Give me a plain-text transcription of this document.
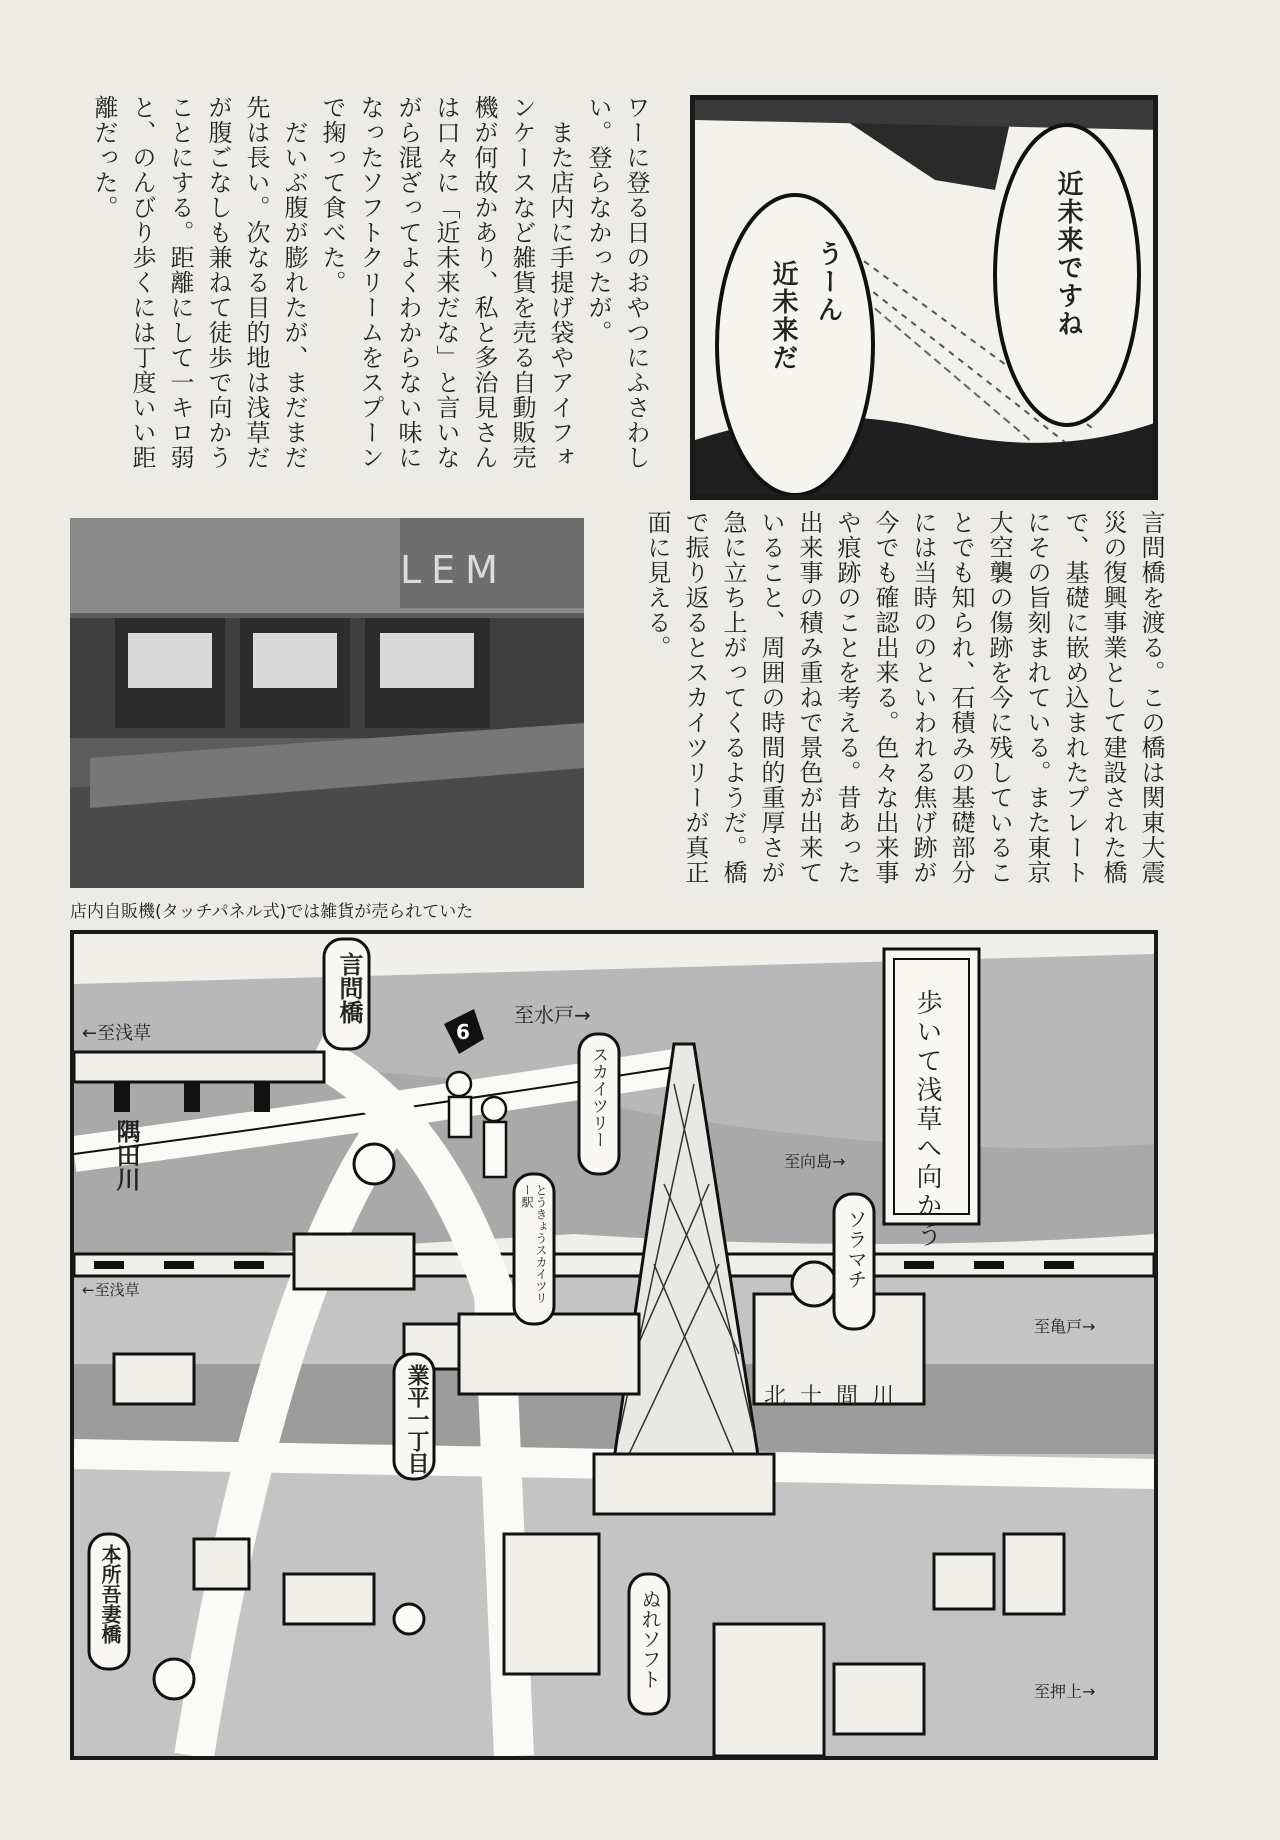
言問橋を渡る。この橋は関東大震災の復興事業として建設された橋で、基礎に嵌め込まれたプレートにその旨刻まれている。また東京大空襲の傷跡を今に残していることでも知られ、石積みの基礎部分には当時ののといわれる焦げ跡が今でも確認出来る。色々な出来事や痕跡のことを考える。昔あった出来事の積み重ねで景色が出来ていること、周囲の時間的重厚さが急に立ち上がってくるようだ。橋で振り返るとスカイツリーが真正面に見える。
ワーに登る日のおやつにふさわしい。登らなかったが。
　また店内に手提げ袋やアイフォンケースなど雑貨を売る自動販売機が何故かあり、私と多治見さんは口々に「近未来だな」と言いながら混ざってよくわからない味になったソフトクリームをスプーンで掬って食べた。
　だいぶ腹が膨れたが、まだまだ先は長い。次なる目的地は浅草だが腹ごなしも兼ねて徒歩で向かうことにする。距離にして一キロ弱と、のんびり歩くには丁度いい距離だった。
近未来ですね
うーん
近未来だ
LEM
店内自販機(タッチパネル式)では雑貨が売られていた
6	歩いて浅草へ向かう
言問橋
隅田川
スカイツリー
とうきょうスカイツリー駅
ソラマチ
業平一丁目
本所吾妻橋	ぬれソフト
北十間川
←至浅草
←至浅草
至水戸→
至向島→
至亀戸→
至押上→
